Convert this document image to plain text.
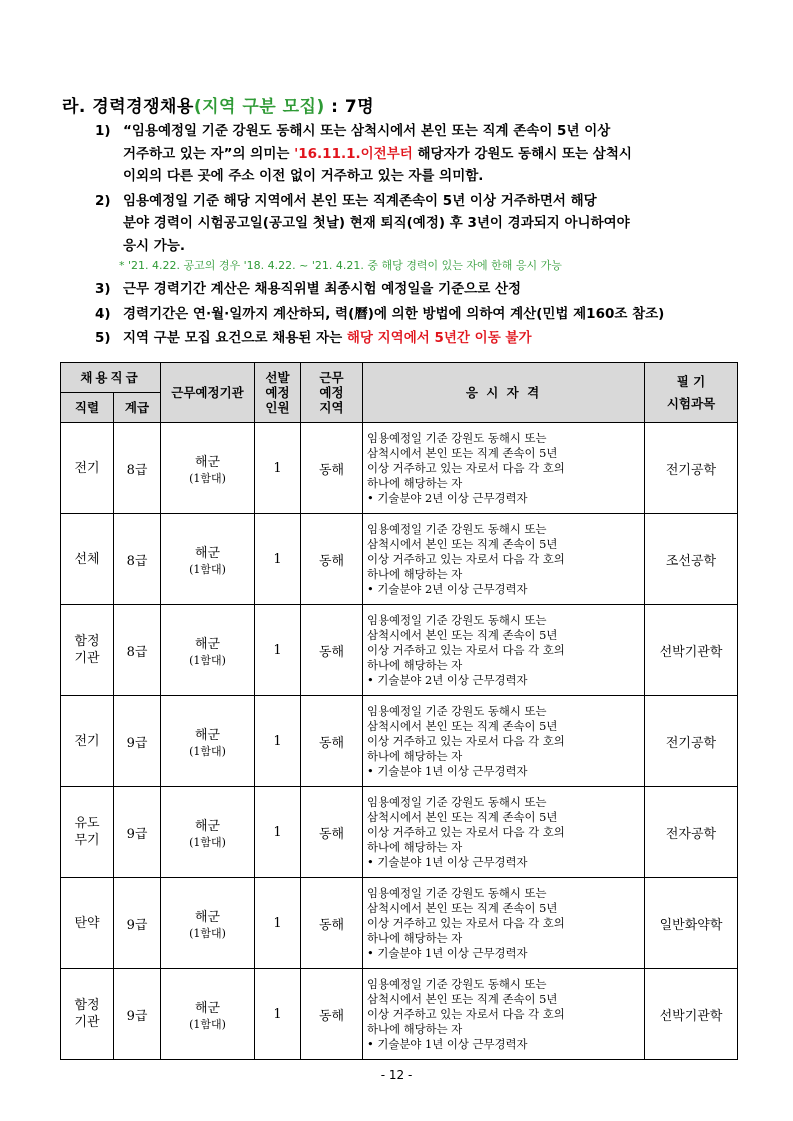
라. 경력경쟁채용(지역 구분 모집) : 7명
1) “임용예정일 기준 강원도 동해시 또는 삼척시에서 본인 또는 직계 존속이 5년 이상
거주하고 있는 자”의 의미는 '16.11.1.이전부터 해당자가 강원도 동해시 또는 삼척시
이외의 다른 곳에 주소 이전 없이 거주하고 있는 자를 의미함.
2) 임용예정일 기준 해당 지역에서 본인 또는 직계존속이 5년 이상 거주하면서 해당
분야 경력이 시험공고일(공고일 첫날) 현재 퇴직(예정) 후 3년이 경과되지 아니하여야
응시 가능.
* '21. 4.22. 공고의 경우 '18. 4.22. ~ '21. 4.21. 중 해당 경력이 있는 자에 한해 응시 가능
3) 근무 경력기간 계산은 채용직위별 최종시험 예정일을 기준으로 산정
4) 경력기간은 연·월·일까지 계산하되, 력(曆)에 의한 방법에 의하여 계산(민법 제160조 참조)
5) 지역 구분 모집 요건으로 채용된 자는 해당 지역에서 5년간 이동 불가
채용직급		근무예정기관	선발
예정
인원	근무
예정
지역	응 시 자 격	필 기
시험과목
직렬	계급					
전기	8급	해군
(1함대)	1	동해	임용예정일 기준 강원도 동해시 또는
삼척시에서 본인 또는 직계 존속이 5년
이상 거주하고 있는 자로서 다음 각 호의
하나에 해당하는 자
• 기술분야 2년 이상 근무경력자	전기공학
선체	8급	해군
(1함대)	1	동해	임용예정일 기준 강원도 동해시 또는
삼척시에서 본인 또는 직계 존속이 5년
이상 거주하고 있는 자로서 다음 각 호의
하나에 해당하는 자
• 기술분야 2년 이상 근무경력자	조선공학
함정
기관	8급	해군
(1함대)	1	동해	임용예정일 기준 강원도 동해시 또는
삼척시에서 본인 또는 직계 존속이 5년
이상 거주하고 있는 자로서 다음 각 호의
하나에 해당하는 자
• 기술분야 2년 이상 근무경력자	선박기관학
전기	9급	해군
(1함대)	1	동해	임용예정일 기준 강원도 동해시 또는
삼척시에서 본인 또는 직계 존속이 5년
이상 거주하고 있는 자로서 다음 각 호의
하나에 해당하는 자
• 기술분야 1년 이상 근무경력자	전기공학
유도
무기	9급	해군
(1함대)	1	동해	임용예정일 기준 강원도 동해시 또는
삼척시에서 본인 또는 직계 존속이 5년
이상 거주하고 있는 자로서 다음 각 호의
하나에 해당하는 자
• 기술분야 1년 이상 근무경력자	전자공학
탄약	9급	해군
(1함대)	1	동해	임용예정일 기준 강원도 동해시 또는
삼척시에서 본인 또는 직계 존속이 5년
이상 거주하고 있는 자로서 다음 각 호의
하나에 해당하는 자
• 기술분야 1년 이상 근무경력자	일반화약학
함정
기관	9급	해군
(1함대)	1	동해	임용예정일 기준 강원도 동해시 또는
삼척시에서 본인 또는 직계 존속이 5년
이상 거주하고 있는 자로서 다음 각 호의
하나에 해당하는 자
• 기술분야 1년 이상 근무경력자	선박기관학
- 12 -
